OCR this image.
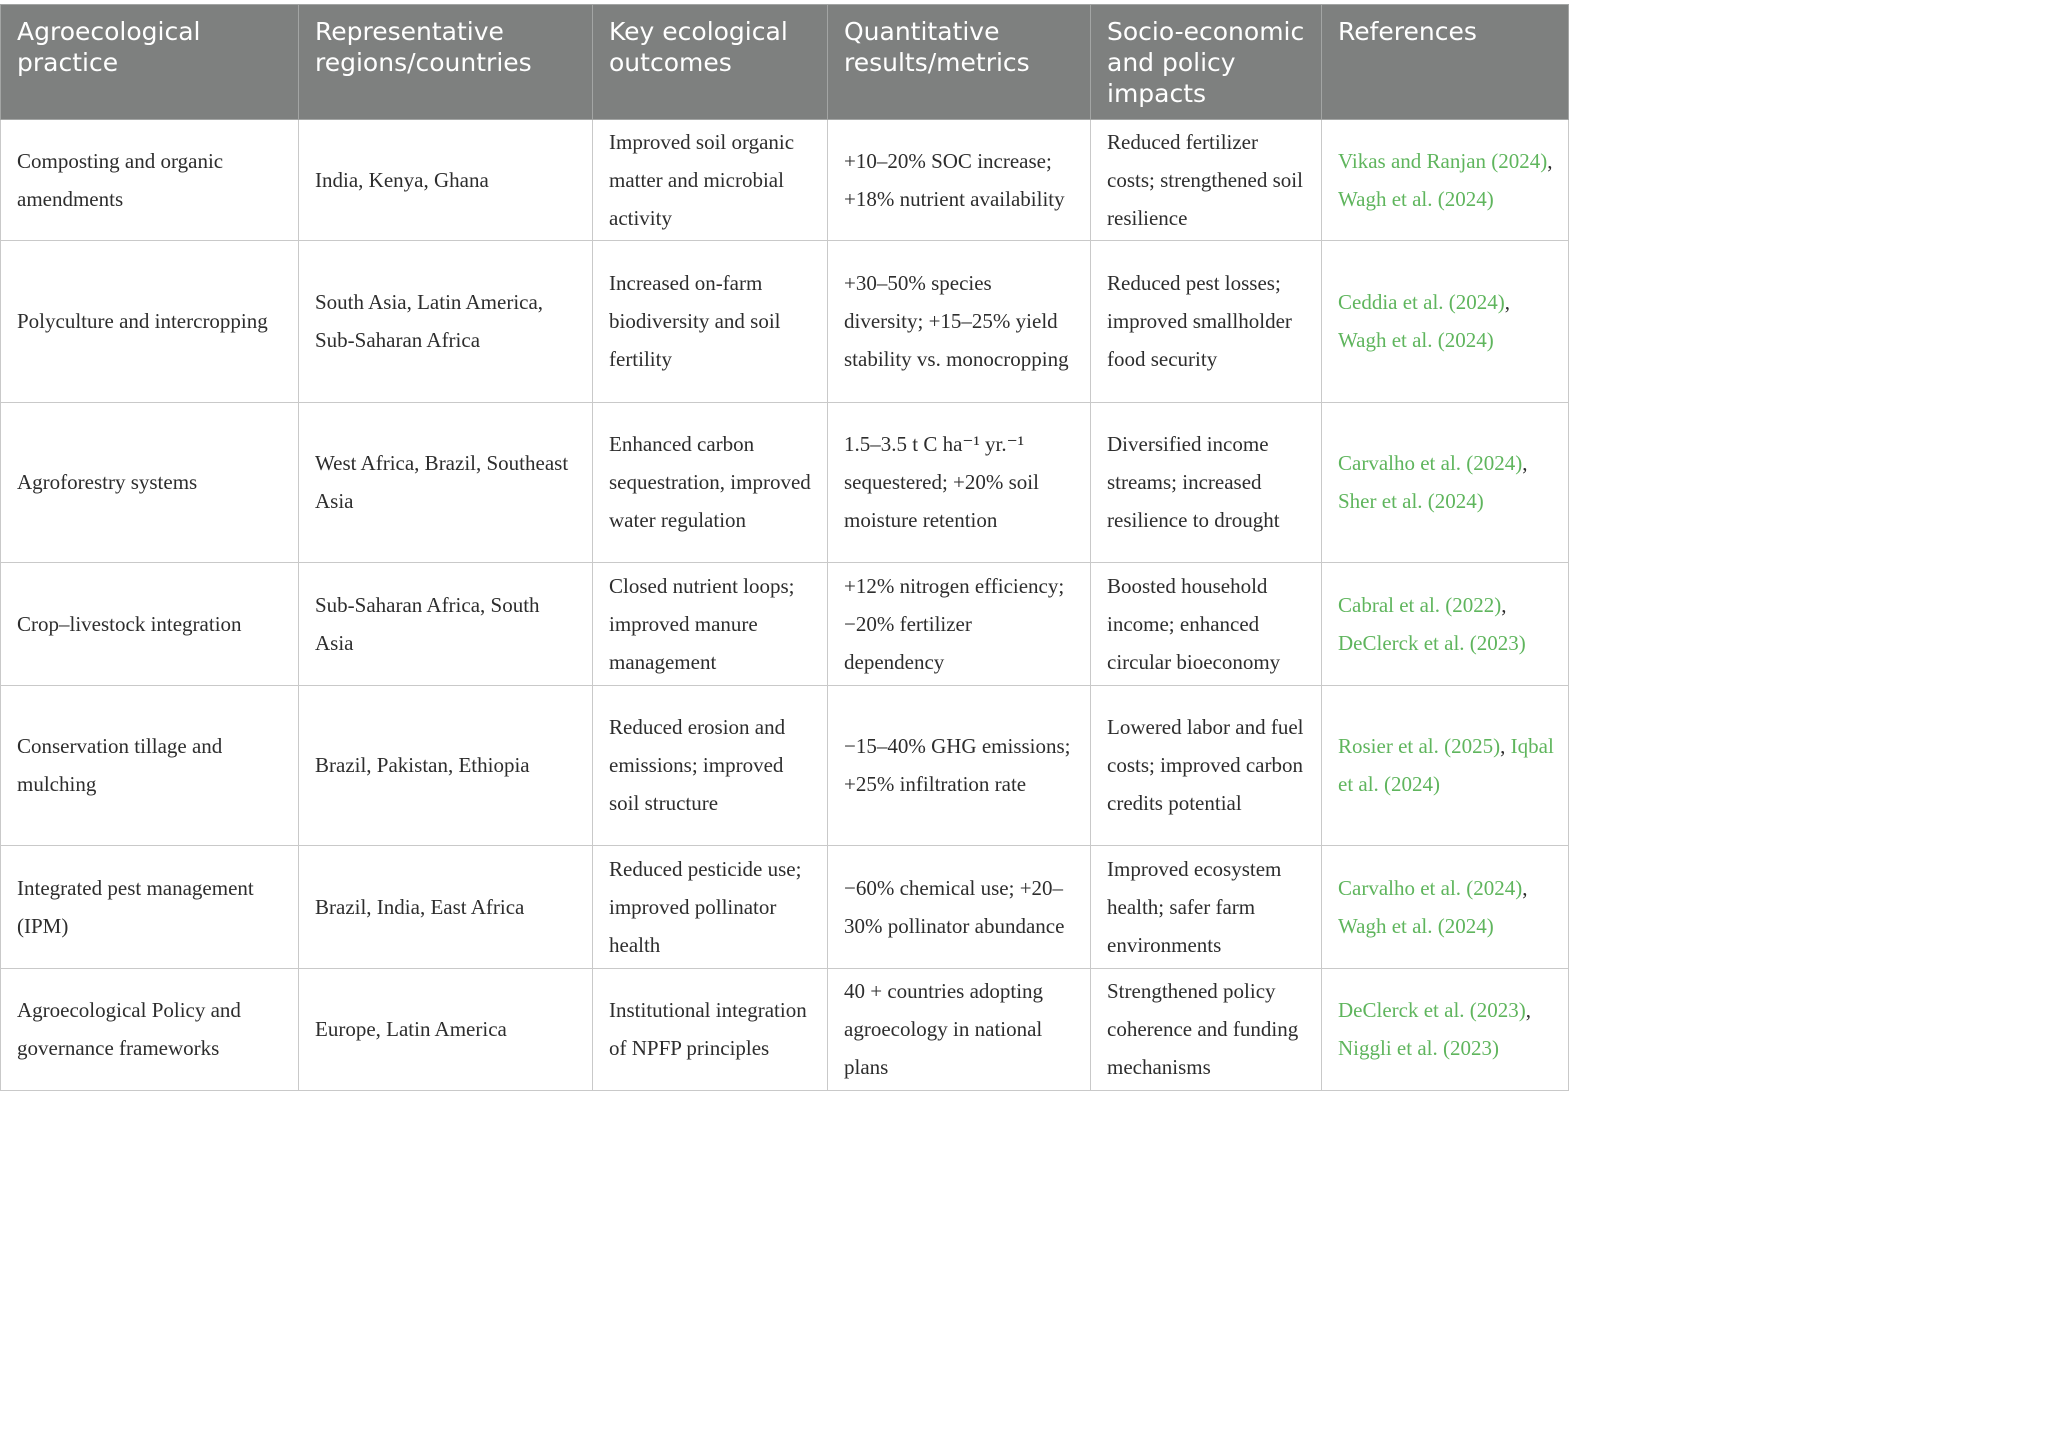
Agroecological practice	Representative regions/countries	Key ecological outcomes	Quantitative results/metrics	Socio-economic and policy impacts	References
Composting and organic amendments	India, Kenya, Ghana	Improved soil organic matter and microbial activity	+10–20% SOC increase; +18% nutrient availability	Reduced fertilizer costs; strengthened soil resilience	Vikas and Ranjan (2024), Wagh et al. (2024)
Polyculture and intercropping	South Asia, Latin America, Sub-Saharan Africa	Increased on-farm biodiversity and soil fertility	+30–50% species diversity; +15–25% yield stability vs. monocropping	Reduced pest losses; improved smallholder food security	Ceddia et al. (2024), Wagh et al. (2024)
Agroforestry systems	West Africa, Brazil, Southeast Asia	Enhanced carbon sequestration, improved water regulation	1.5–3.5 t C ha⁻¹ yr.⁻¹ sequestered; +20% soil moisture retention	Diversified income streams; increased resilience to drought	Carvalho et al. (2024), Sher et al. (2024)
Crop–livestock integration	Sub-Saharan Africa, South Asia	Closed nutrient loops; improved manure management	+12% nitrogen efficiency; −20% fertilizer dependency	Boosted household income; enhanced circular bioeconomy	Cabral et al. (2022), DeClerck et al. (2023)
Conservation tillage and mulching	Brazil, Pakistan, Ethiopia	Reduced erosion and emissions; improved soil structure	−15–40% GHG emissions; +25% infiltration rate	Lowered labor and fuel costs; improved carbon credits potential	Rosier et al. (2025), Iqbal et al. (2024)
Integrated pest management (IPM)	Brazil, India, East Africa	Reduced pesticide use; improved pollinator health	−60% chemical use; +20–30% pollinator abundance	Improved ecosystem health; safer farm environments	Carvalho et al. (2024), Wagh et al. (2024)
Agroecological Policy and governance frameworks	Europe, Latin America	Institutional integration of NPFP principles	40 + countries adopting agroecology in national plans	Strengthened policy coherence and funding mechanisms	DeClerck et al. (2023), Niggli et al. (2023)
